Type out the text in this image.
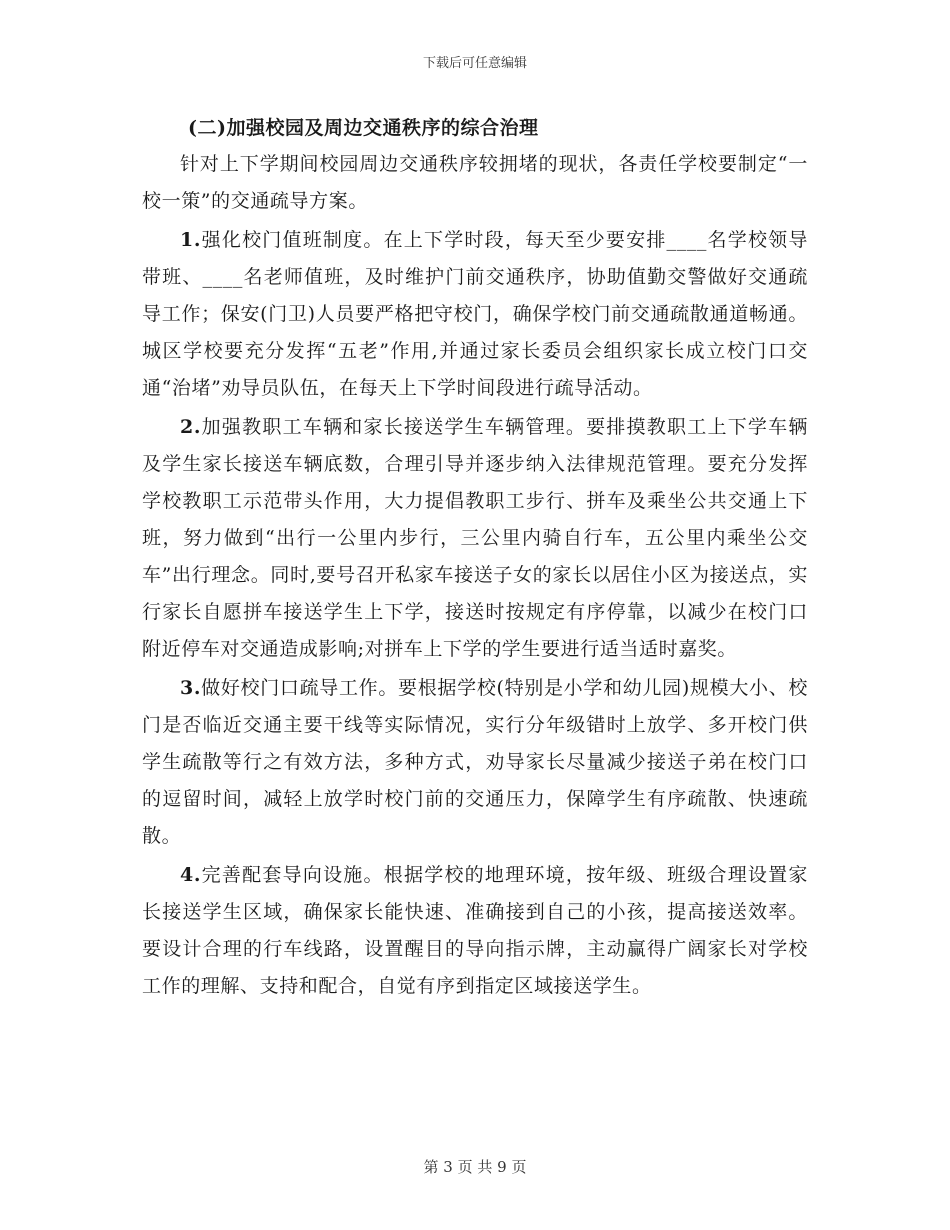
下载后可任意编辑
(二)加强校园及周边交通秩序的综合治理

针对上下学期间校园周边交通秩序较拥堵的现状，各责任学校要制定“一校一策”的交通疏导方案。

1.强化校门值班制度。在上下学时段，每天至少要安排____名学校领导带班、____名老师值班，及时维护门前交通秩序，协助值勤交警做好交通疏导工作；保安(门卫)人员要严格把守校门，确保学校门前交通疏散通道畅通。城区学校要充分发挥“五老”作用,并通过家长委员会组织家长成立校门口交通“治堵”劝导员队伍，在每天上下学时间段进行疏导活动。

2.加强教职工车辆和家长接送学生车辆管理。要排摸教职工上下学车辆及学生家长接送车辆底数，合理引导并逐步纳入法律规范管理。要充分发挥学校教职工示范带头作用，大力提倡教职工步行、拼车及乘坐公共交通上下班，努力做到“出行一公里内步行，三公里内骑自行车，五公里内乘坐公交车”出行理念。同时,要号召开私家车接送子女的家长以居住小区为接送点，实行家长自愿拼车接送学生上下学，接送时按规定有序停靠，以减少在校门口附近停车对交通造成影响;对拼车上下学的学生要进行适当适时嘉奖。

3.做好校门口疏导工作。要根据学校(特别是小学和幼儿园)规模大小、校门是否临近交通主要干线等实际情况，实行分年级错时上放学、多开校门供学生疏散等行之有效方法，多种方式，劝导家长尽量减少接送子弟在校门口的逗留时间，减轻上放学时校门前的交通压力，保障学生有序疏散、快速疏散。

4.完善配套导向设施。根据学校的地理环境，按年级、班级合理设置家长接送学生区域，确保家长能快速、准确接到自己的小孩，提高接送效率。要设计合理的行车线路，设置醒目的导向指示牌，主动赢得广阔家长对学校工作的理解、支持和配合，自觉有序到指定区域接送学生。

第 3 页 共 9 页
